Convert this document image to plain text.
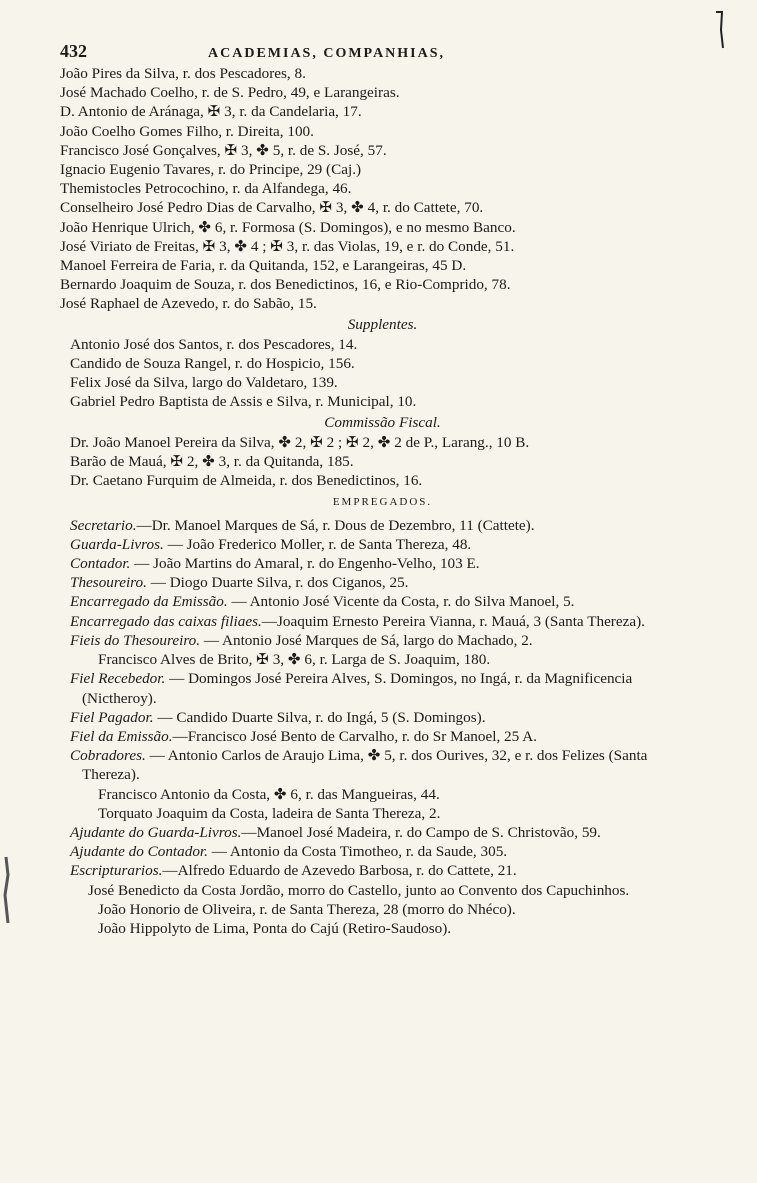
432	ACADEMIAS, COMPANHIAS,
João Pires da Silva, r. dos Pescadores, 8.
José Machado Coelho, r. de S. Pedro, 49, e Larangeiras.
D. Antonio de Aránaga, ✠ 3, r. da Candelaria, 17.
João Coelho Gomes Filho, r. Direita, 100.
Francisco José Gonçalves, ✠ 3, ✤ 5, r. de S. José, 57.
Ignacio Eugenio Tavares, r. do Principe, 29 (Caj.)
Themistocles Petrocochino, r. da Alfandega, 46.
Conselheiro José Pedro Dias de Carvalho, ✠ 3, ✤ 4, r. do Cattete, 70.
João Henrique Ulrich, ✤ 6, r. Formosa (S. Domingos), e no mesmo Banco.
José Viriato de Freitas, ✠ 3, ✤ 4 ; ✠ 3, r. das Violas, 19, e r. do Conde, 51.
Manoel Ferreira de Faria, r. da Quitanda, 152, e Larangeiras, 45 D.
Bernardo Joaquim de Souza, r. dos Benedictinos, 16, e Rio-Comprido, 78.
José Raphael de Azevedo, r. do Sabão, 15.
Supplentes.
Antonio José dos Santos, r. dos Pescadores, 14.
Candido de Souza Rangel, r. do Hospicio, 156.
Felix José da Silva, largo do Valdetaro, 139.
Gabriel Pedro Baptista de Assis e Silva, r. Municipal, 10.
Commissão Fiscal.
Dr. João Manoel Pereira da Silva, ✤ 2, ✠ 2 ; ✠ 2, ✤ 2 de P., Larang., 10 B.
Barão de Mauá, ✠ 2, ✤ 3, r. da Quitanda, 185.
Dr. Caetano Furquim de Almeida, r. dos Benedictinos, 16.
EMPREGADOS.
Secretario.—Dr. Manoel Marques de Sá, r. Dous de Dezembro, 11 (Cattete).
Guarda-Livros. — João Frederico Moller, r. de Santa Thereza, 48.
Contador. — João Martins do Amaral, r. do Engenho-Velho, 103 E.
Thesoureiro. — Diogo Duarte Silva, r. dos Ciganos, 25.
Encarregado da Emissão. — Antonio José Vicente da Costa, r. do Silva Manoel, 5.
Encarregado das caixas filiaes.—Joaquim Ernesto Pereira Vianna, r. Mauá, 3 (Santa Thereza).
Fieis do Thesoureiro. — Antonio José Marques de Sá, largo do Machado, 2.
Francisco Alves de Brito, ✠ 3, ✤ 6, r. Larga de S. Joaquim, 180.
Fiel Recebedor. — Domingos José Pereira Alves, S. Domingos, no Ingá, r. da Magnificencia (Nictheroy).
Fiel Pagador. — Candido Duarte Silva, r. do Ingá, 5 (S. Domingos).
Fiel da Emissão.—Francisco José Bento de Carvalho, r. do Sr Manoel, 25 A.
Cobradores. — Antonio Carlos de Araujo Lima, ✤ 5, r. dos Ourives, 32, e r. dos Felizes (Santa Thereza).
Francisco Antonio da Costa, ✤ 6, r. das Mangueiras, 44.
Torquato Joaquim da Costa, ladeira de Santa Thereza, 2.
Ajudante do Guarda-Livros.—Manoel José Madeira, r. do Campo de S. Christovão, 59.
Ajudante do Contador. — Antonio da Costa Timotheo, r. da Saude, 305.
Escripturarios.—Alfredo Eduardo de Azevedo Barbosa, r. do Cattete, 21.
José Benedicto da Costa Jordão, morro do Castello, junto ao Convento dos Capuchinhos.
João Honorio de Oliveira, r. de Santa Thereza, 28 (morro do Nhéco).
João Hippolyto de Lima, Ponta do Cajú (Retiro-Saudoso).
